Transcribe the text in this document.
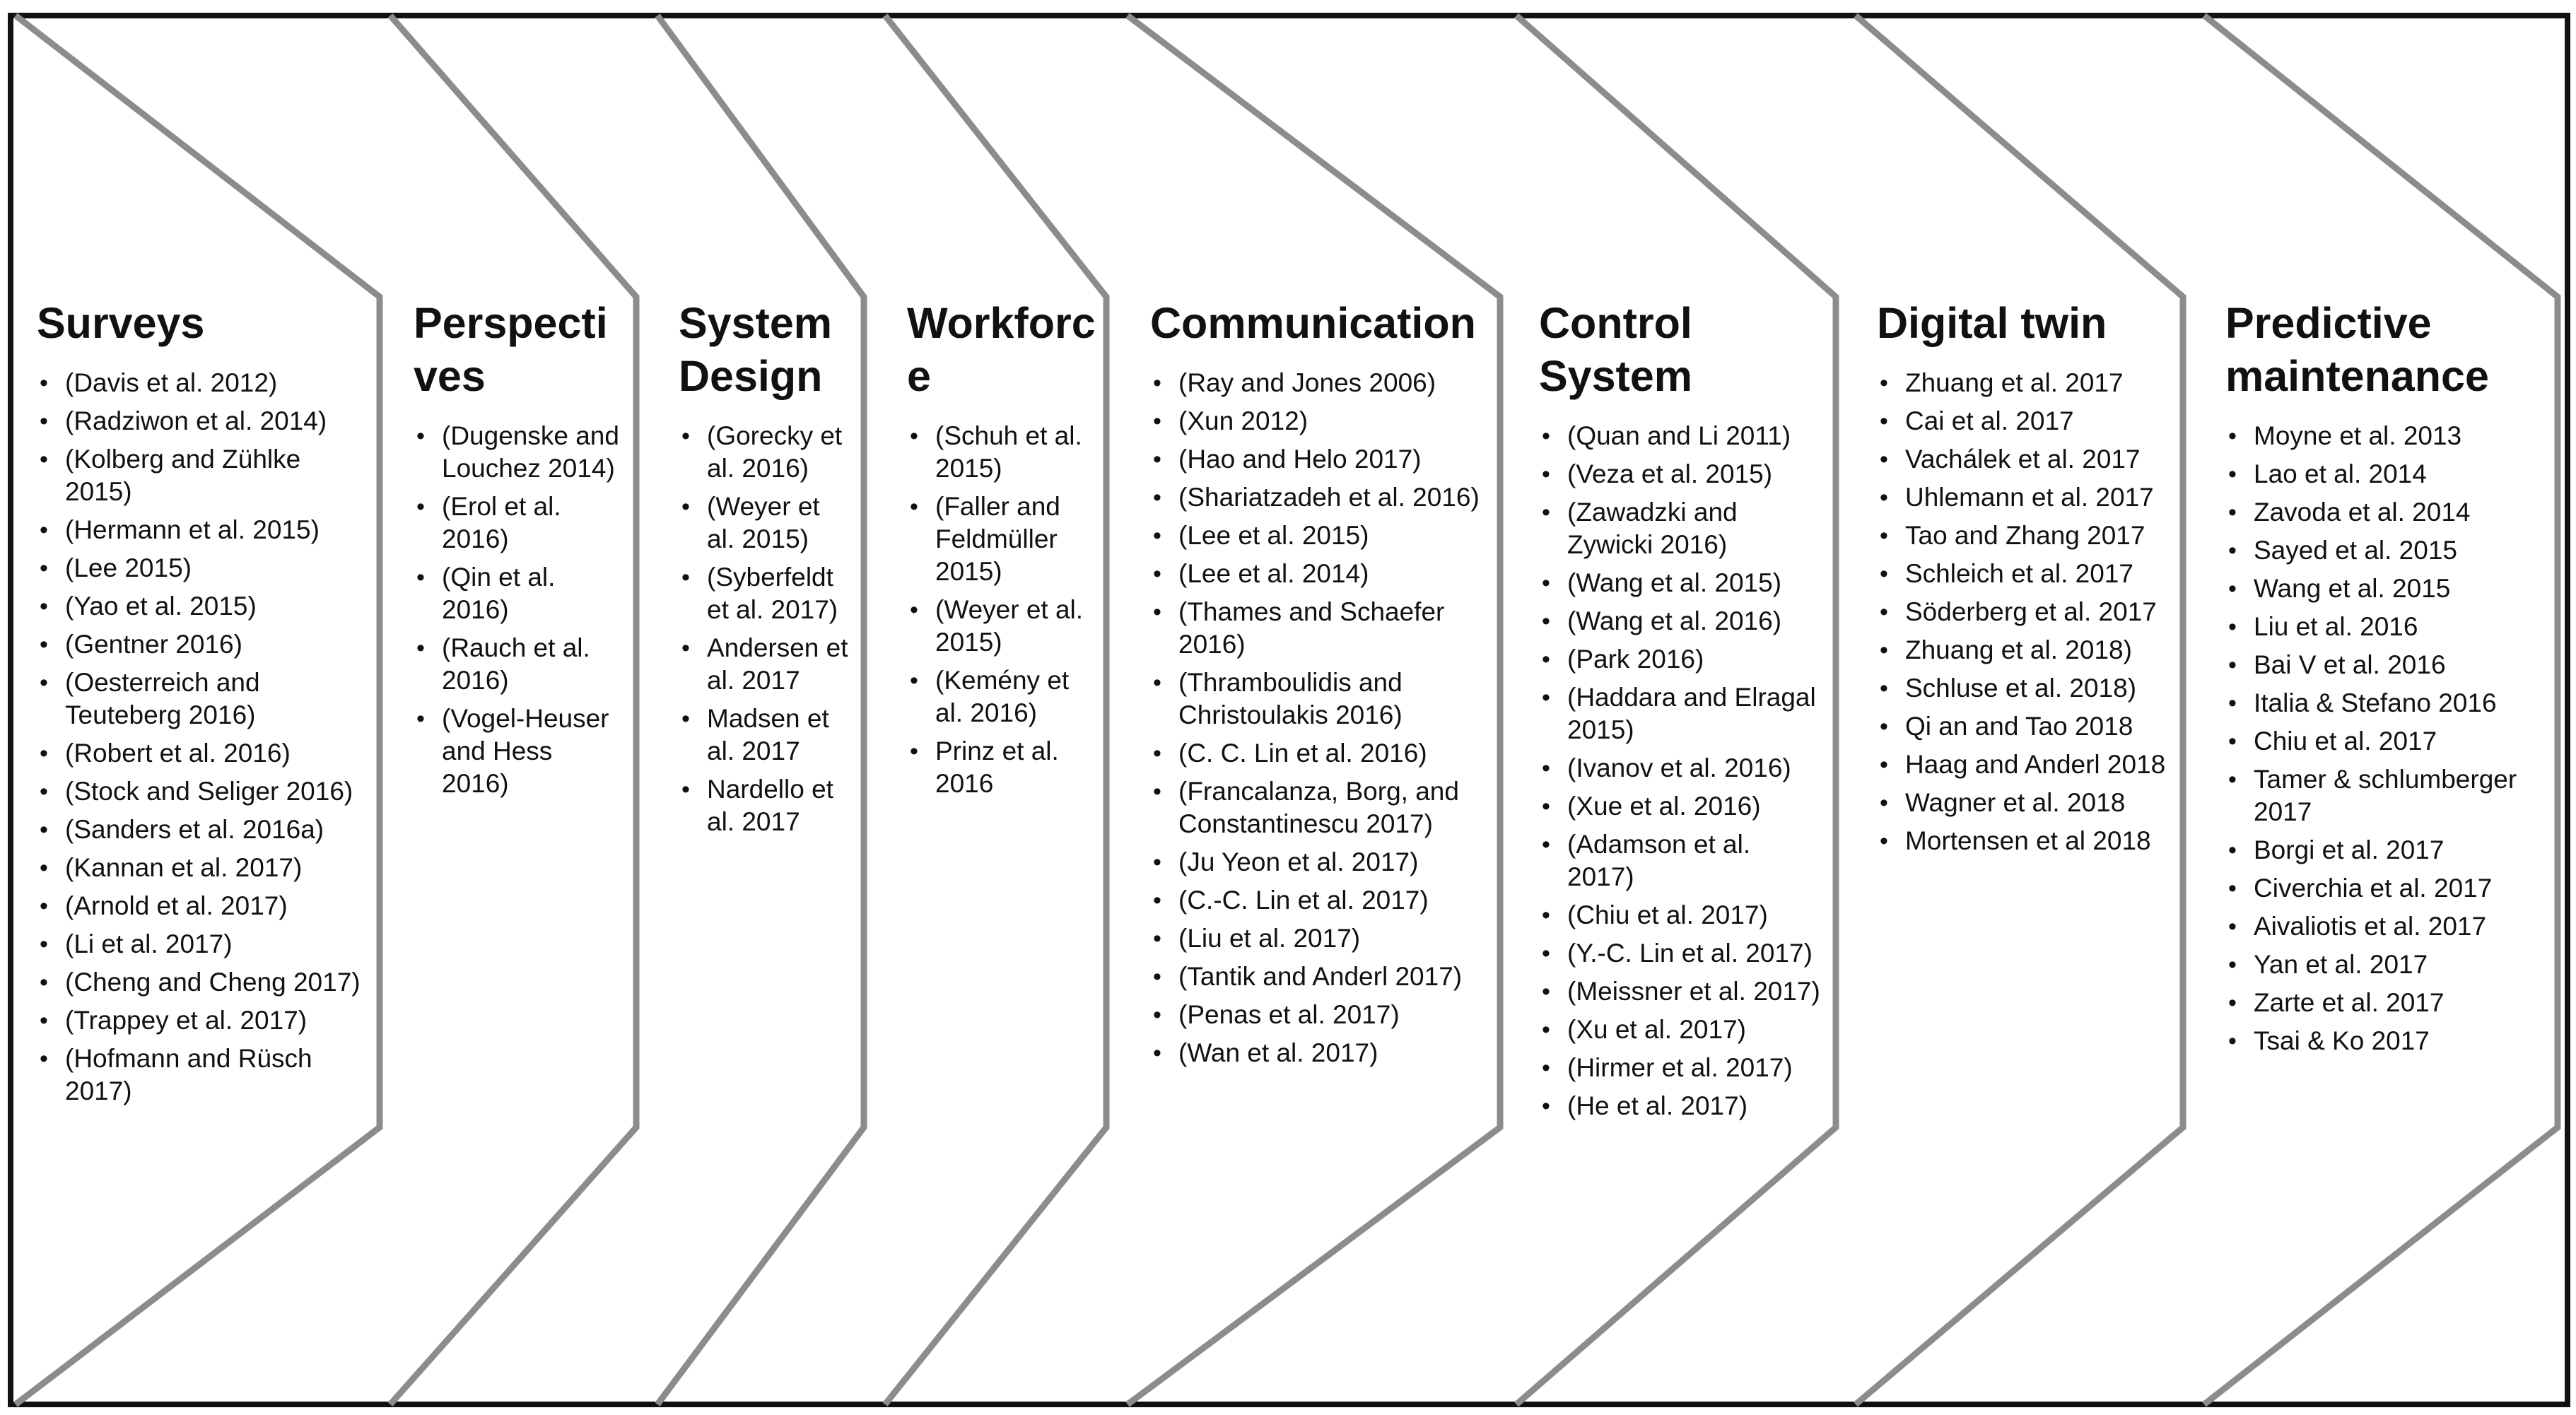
Surveys
• (Davis et al. 2012)
• (Radziwon et al. 2014)
• (Kolberg and Zühlke 2015)
• (Hermann et al. 2015)
• (Lee 2015)
• (Yao et al. 2015)
• (Gentner 2016)
• (Oesterreich and Teuteberg 2016)
• (Robert et al. 2016)
• (Stock and Seliger 2016)
• (Sanders et al. 2016a)
• (Kannan et al. 2017)
• (Arnold et al. 2017)
• (Li et al. 2017)
• (Cheng and Cheng 2017)
• (Trappey et al. 2017)
• (Hofmann and Rüsch 2017)
Perspectives
• (Dugenske and Louchez 2014)
• (Erol et al. 2016)
• (Qin et al. 2016)
• (Rauch et al. 2016)
• (Vogel-Heuser and Hess 2016)
System Design
• (Gorecky et al. 2016)
• (Weyer et al. 2015)
• (Syberfeldt et al. 2017)
• Andersen et al. 2017
• Madsen et al. 2017
• Nardello et al. 2017
Workforce
• (Schuh et al. 2015)
• (Faller and Feldmüller 2015)
• (Weyer et al. 2015)
• (Kemény et al. 2016)
• Prinz et al. 2016
Communication
• (Ray and Jones 2006)
• (Xun 2012)
• (Hao and Helo 2017)
• (Shariatzadeh et al. 2016)
• (Lee et al. 2015)
• (Lee et al. 2014)
• (Thames and Schaefer 2016)
• (Thramboulidis and Christoulakis 2016)
• (C. C. Lin et al. 2016)
• (Francalanza, Borg, and Constantinescu 2017)
• (Ju Yeon et al. 2017)
• (C.-C. Lin et al. 2017)
• (Liu et al. 2017)
• (Tantik and Anderl 2017)
• (Penas et al. 2017)
• (Wan et al. 2017)
Control System
• (Quan and Li 2011)
• (Veza et al. 2015)
• (Zawadzki and Zywicki 2016)
• (Wang et al. 2015)
• (Wang et al. 2016)
• (Park 2016)
• (Haddara and Elragal 2015)
• (Ivanov et al. 2016)
• (Xue et al. 2016)
• (Adamson et al. 2017)
• (Chiu et al. 2017)
• (Y.-C. Lin et al. 2017)
• (Meissner et al. 2017)
• (Xu et al. 2017)
• (Hirmer et al. 2017)
• (He et al. 2017)
Digital twin
• Zhuang et al. 2017
• Cai et al. 2017
• Vachálek et al. 2017
• Uhlemann et al. 2017
• Tao and Zhang 2017
• Schleich et al. 2017
• Söderberg et al. 2017
• Zhuang et al. 2018)
• Schluse et al. 2018)
• Qi an and Tao 2018
• Haag and Anderl 2018
• Wagner et al. 2018
• Mortensen et al 2018
Predictive maintenance
• Moyne et al. 2013
• Lao et al. 2014
• Zavoda et al. 2014
• Sayed et al. 2015
• Wang et al. 2015
• Liu et al. 2016
• Bai V et al. 2016
• Italia & Stefano 2016
• Chiu et al. 2017
• Tamer & schlumberger 2017
• Borgi et al. 2017
• Civerchia et al. 2017
• Aivaliotis et al. 2017
• Yan et al. 2017
• Zarte et al. 2017
• Tsai & Ko 2017
